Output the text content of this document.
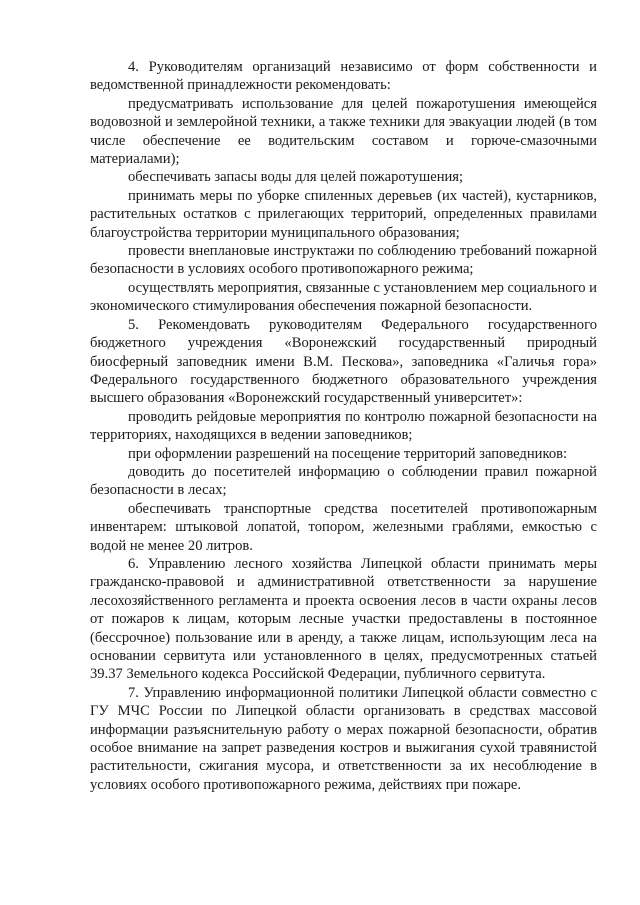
4. Руководителям организаций независимо от форм собственности и ведомственной принадлежности рекомендовать:

предусматривать использование для целей пожаротушения имеющейся водовозной и землеройной техники, а также техники для эвакуации людей (в том числе обеспечение ее водительским составом и горюче-смазочными материалами);

обеспечивать запасы воды для целей пожаротушения;

принимать меры по уборке спиленных деревьев (их частей), кустарников, растительных остатков с прилегающих территорий, определенных правилами благоустройства территории муниципального образования;

провести внеплановые инструктажи по соблюдению требований пожарной безопасности в условиях особого противопожарного режима;

осуществлять мероприятия, связанные с установлением мер социального и экономического стимулирования обеспечения пожарной безопасности.

5. Рекомендовать руководителям Федерального государственного бюджетного учреждения «Воронежский государственный природный биосферный заповедник имени В.М. Пескова», заповедника «Галичья гора» Федерального государственного бюджетного образовательного учреждения высшего образования «Воронежский государственный университет»:

проводить рейдовые мероприятия по контролю пожарной безопасности на территориях, находящихся в ведении заповедников;

при оформлении разрешений на посещение территорий заповедников:

доводить до посетителей информацию о соблюдении правил пожарной безопасности в лесах;

обеспечивать транспортные средства посетителей противопожарным инвентарем: штыковой лопатой, топором, железными граблями, емкостью с водой не менее 20 литров.

6. Управлению лесного хозяйства Липецкой области принимать меры гражданско-правовой и административной ответственности за нарушение лесохозяйственного регламента и проекта освоения лесов в части охраны лесов от пожаров к лицам, которым лесные участки предоставлены в постоянное (бессрочное) пользование или в аренду, а также лицам, использующим леса на основании сервитута или установленного в целях, предусмотренных статьей 39.37 Земельного кодекса Российской Федерации, публичного сервитута.

7. Управлению информационной политики Липецкой области совместно с ГУ МЧС России по Липецкой области организовать в средствах массовой информации разъяснительную работу о мерах пожарной безопасности, обратив особое внимание на запрет разведения костров и выжигания сухой травянистой растительности, сжигания мусора, и ответственности за их несоблюдение в условиях особого противопожарного режима, действиях при пожаре.
